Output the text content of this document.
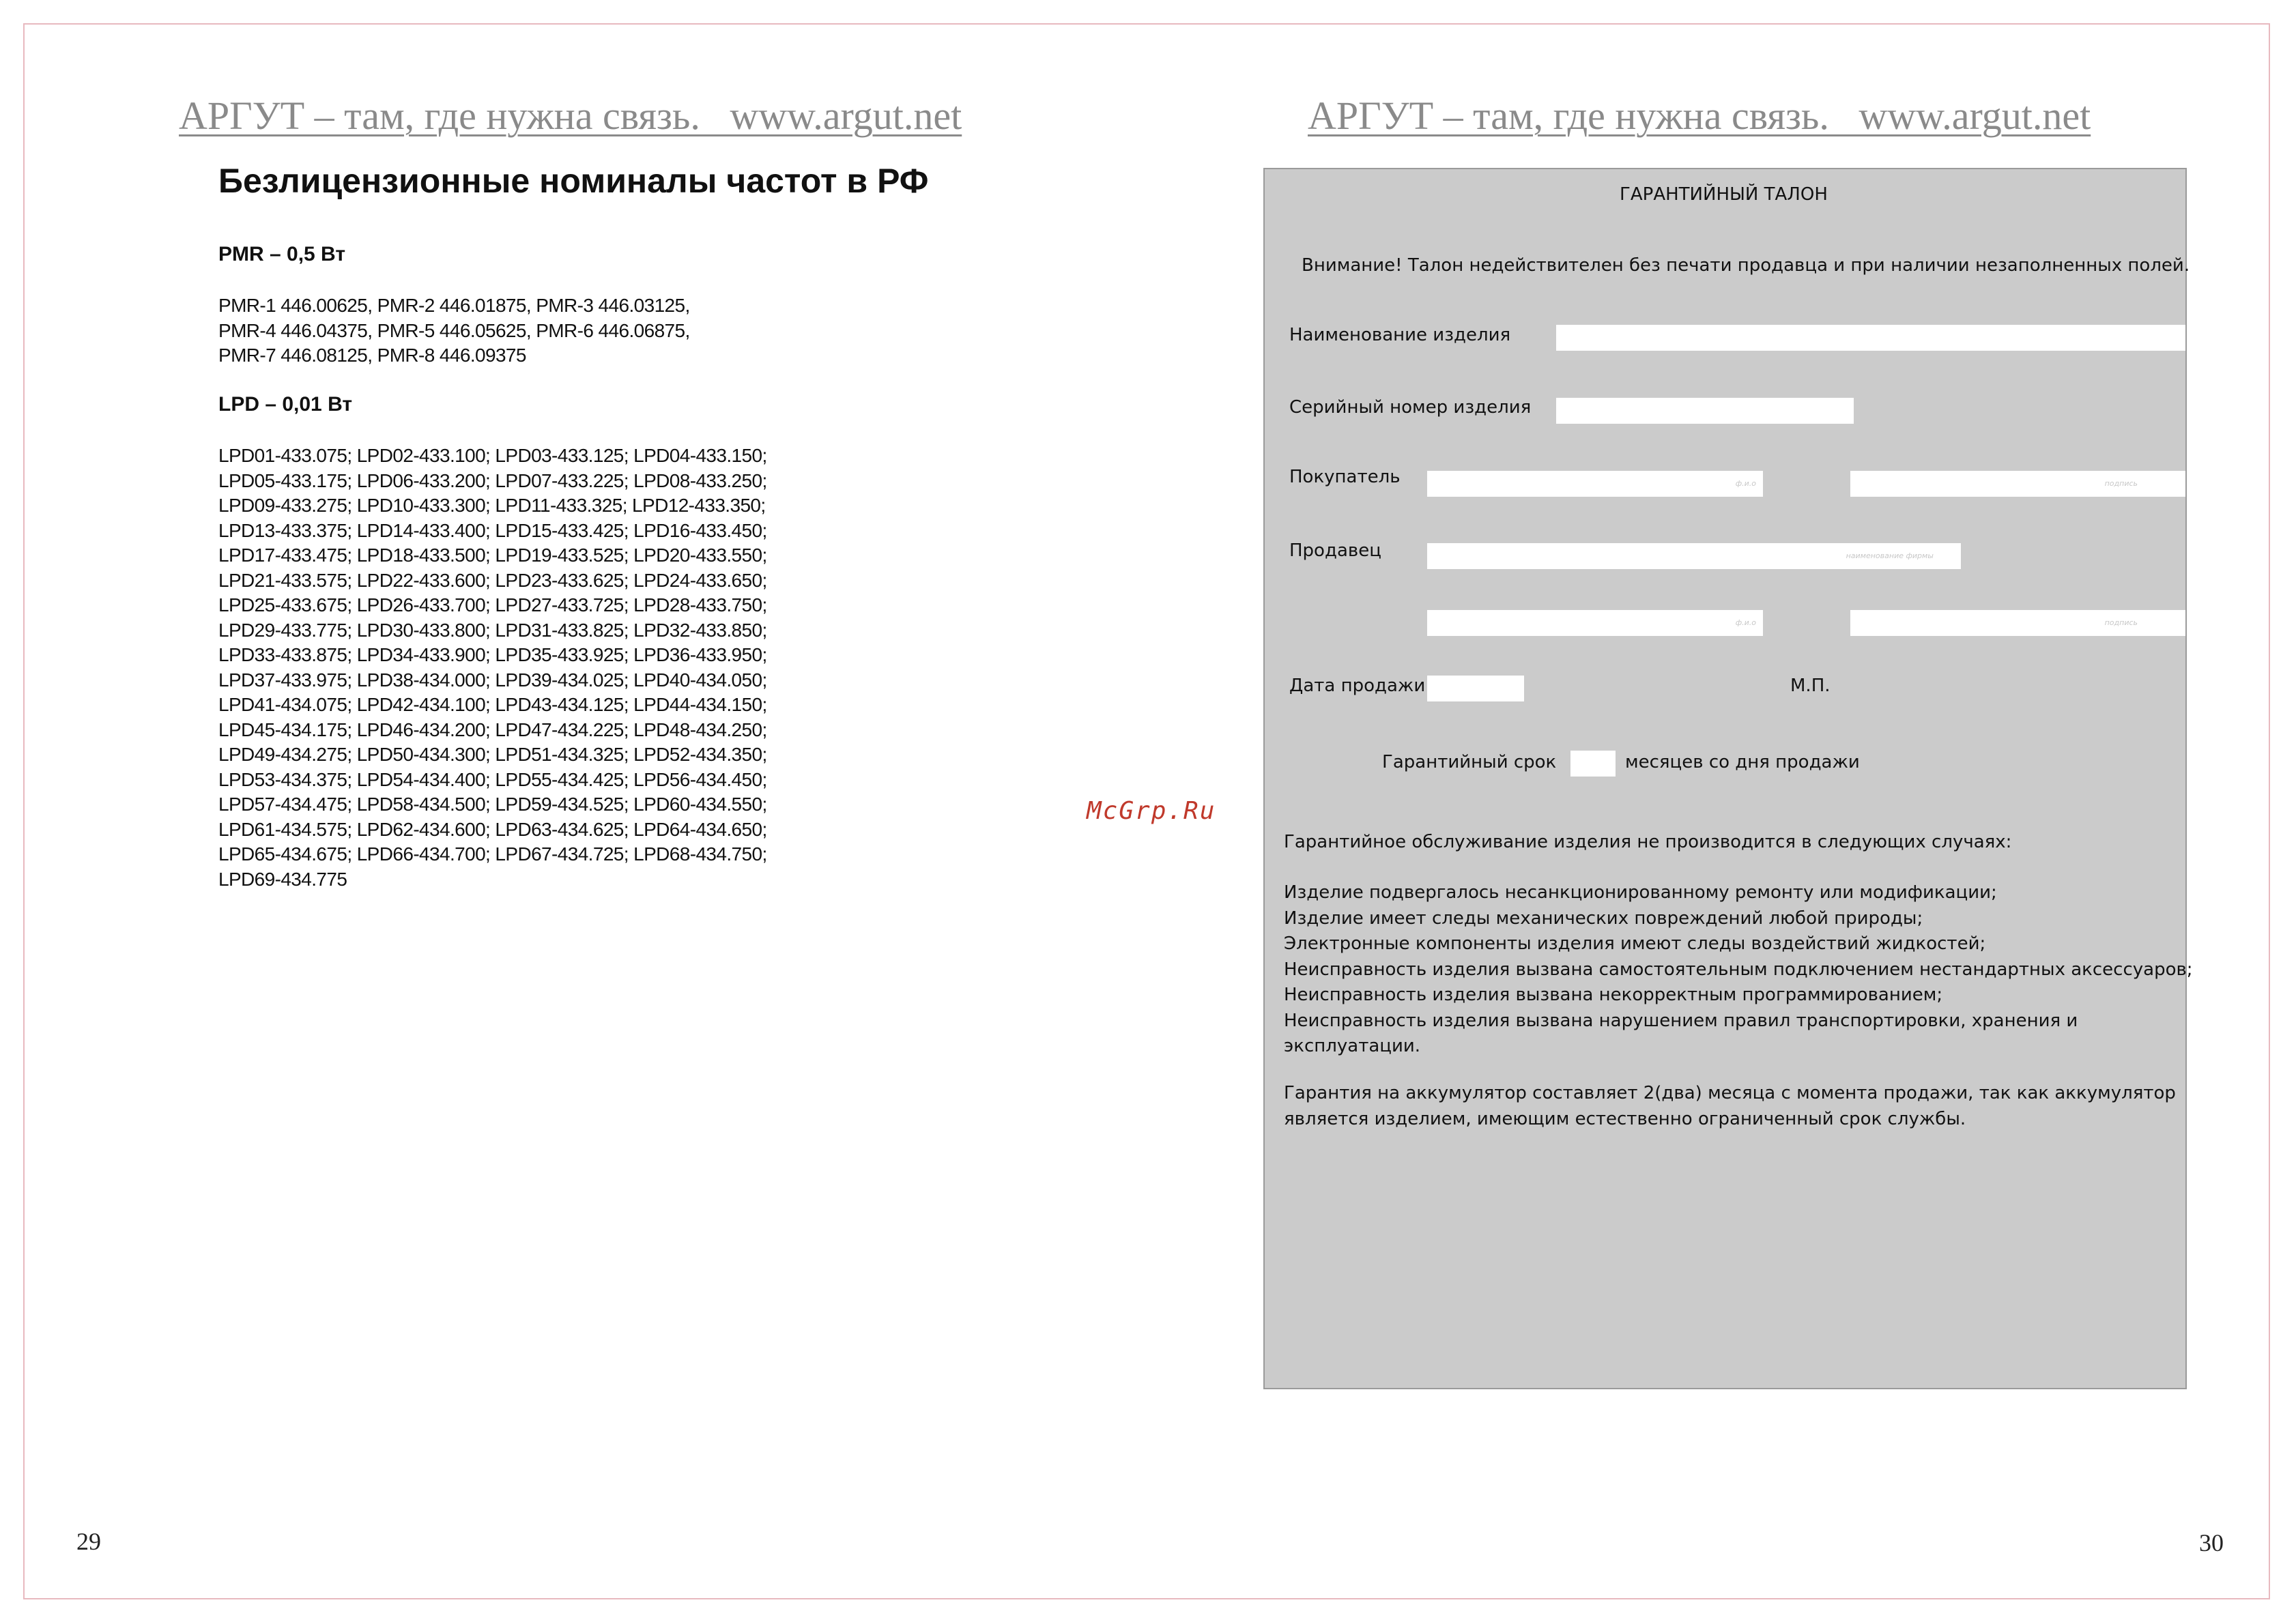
АРГУТ – там, где нужна связь.   www.argut.net	АРГУТ – там, где нужна связь.   www.argut.net
Безлицензионные номиналы частот в РФ
PMR – 0,5 Вт
PMR-1 446.00625, PMR-2 446.01875, PMR-3 446.03125,
PMR-4 446.04375, PMR-5 446.05625, PMR-6 446.06875,
PMR-7 446.08125, PMR-8 446.09375
LPD – 0,01 Вт
LPD01-433.075; LPD02-433.100; LPD03-433.125; LPD04-433.150;
LPD05-433.175; LPD06-433.200; LPD07-433.225; LPD08-433.250;
LPD09-433.275; LPD10-433.300; LPD11-433.325; LPD12-433.350;
LPD13-433.375; LPD14-433.400; LPD15-433.425; LPD16-433.450;
LPD17-433.475; LPD18-433.500; LPD19-433.525; LPD20-433.550;
LPD21-433.575; LPD22-433.600; LPD23-433.625; LPD24-433.650;
LPD25-433.675; LPD26-433.700; LPD27-433.725; LPD28-433.750;
LPD29-433.775; LPD30-433.800; LPD31-433.825; LPD32-433.850;
LPD33-433.875; LPD34-433.900; LPD35-433.925; LPD36-433.950;
LPD37-433.975; LPD38-434.000; LPD39-434.025; LPD40-434.050;
LPD41-434.075; LPD42-434.100; LPD43-434.125; LPD44-434.150;
LPD45-434.175; LPD46-434.200; LPD47-434.225; LPD48-434.250;
LPD49-434.275; LPD50-434.300; LPD51-434.325; LPD52-434.350;
LPD53-434.375; LPD54-434.400; LPD55-434.425; LPD56-434.450;
LPD57-434.475; LPD58-434.500; LPD59-434.525; LPD60-434.550;
LPD61-434.575; LPD62-434.600; LPD63-434.625; LPD64-434.650;
LPD65-434.675; LPD66-434.700; LPD67-434.725; LPD68-434.750;
LPD69-434.775
29
McGrp.Ru
ГАРАНТИЙНЫЙ ТАЛОН
Внимание! Талон недействителен без печати продавца и при наличии незаполненных полей.
Наименование изделия
Серийный номер изделия
Покупатель	ф.и.о	подпись
Продавец	наименование фирмы
ф.и.о	подпись
Дата продажи	М.П.
Гарантийный срок	месяцев со дня продажи
Гарантийное обслуживание изделия не производится в следующих случаях:
Изделие подвергалось несанкционированному ремонту или модификации;
Изделие имеет следы механических повреждений любой природы;
Электронные компоненты изделия имеют следы воздействий жидкостей;
Неисправность изделия вызвана самостоятельным подключением нестандартных аксессуаров;
Неисправность изделия вызвана некорректным программированием;
Неисправность изделия вызвана нарушением правил транспортировки, хранения и
эксплуатации.
Гарантия на аккумулятор составляет 2(два) месяца с момента продажи, так как аккумулятор
является изделием, имеющим естественно ограниченный срок службы.
30
